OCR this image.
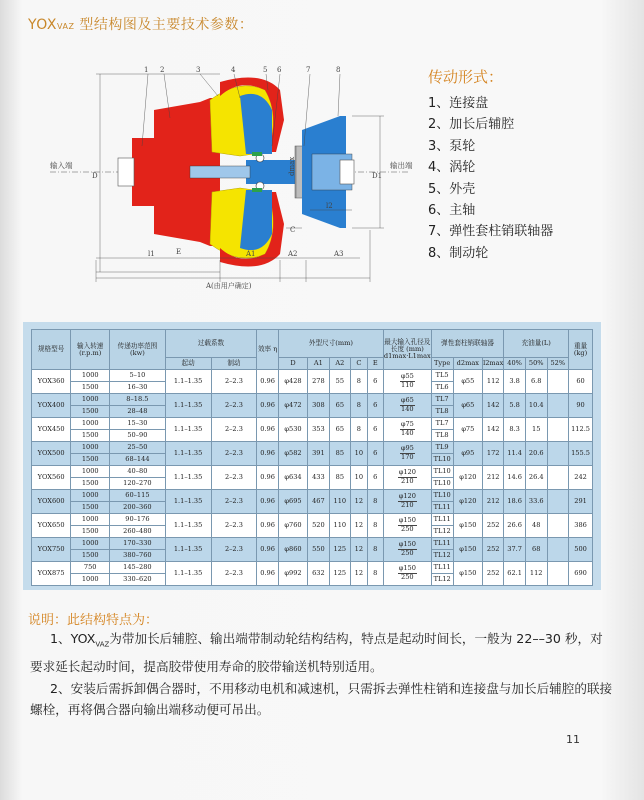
YOXVAZ 型结构图及主要技术参数：
1 2	3	4	5 6	7	8
输入端	输出端
D	D1
dmax
E
l1	A1	A2	A3
C
l2
A(由用户确定)
传动形式：
1、连接盘
2、加长后辅腔
3、泵轮
4、涡轮
5、外壳
6、主轴
7、弹性套柱销联轴器
8、制动轮
规格型号	输入转速 (r.p.m)	传递功率范围 (kw)	过载系数		效率 η	外型尺寸(mm)					最大输入孔径及长度 (mm) d1max·L1max	弹性套柱销联轴器			充油量(L)			重量 (kg)
			起动	制动		D	A1	A2	C	E		Type	d2max	l2max	40%	50%	52%	
YOX360	1000	5–10	1.1–1.35	2–2.3	0.96	φ428	278	55	8	6	$\frac{\varphi 55}{110}$	TL5	φ55	112	3.8	6.8		60
	1500	16–30										TL6						
YOX400	1000	8–18.5	1.1–1.35	2–2.3	0.96	φ472	308	65	8	6	$\frac{\varphi 65}{140}$	TL7	φ65	142	5.8	10.4		90
	1500	28–48										TL8						
YOX450	1000	15–30	1.1–1.35	2–2.3	0.96	φ530	353	65	8	6	$\frac{\varphi 75}{140}$	TL7	φ75	142	8.3	15		112.5
	1500	50–90										TL8						
YOX500	1000	25–50	1.1–1.35	2–2.3	0.96	φ582	391	85	10	6	$\frac{\varphi 95}{170}$	TL9	φ95	172	11.4	20.6		155.5
	1500	68–144										TL10						
YOX560	1000	40–80	1.1–1.35	2–2.3	0.96	φ634	433	85	10	6	$\frac{\varphi 120}{210}$	TL10	φ120	212	14.6	26.4		242
	1500	120–270										TL10						
YOX600	1000	60–115	1.1–1.35	2–2.3	0.96	φ695	467	110	12	8	$\frac{\varphi 120}{210}$	TL10	φ120	212	18.6	33.6		291
	1500	200–360										TL11						
YOX650	1000	90–176	1.1–1.35	2–2.3	0.96	φ760	520	110	12	8	$\frac{\varphi 150}{250}$	TL11	φ150	252	26.6	48		386
	1500	260–480										TL12						
YOX750	1000	170–330	1.1–1.35	2–2.3	0.96	φ860	550	125	12	8	$\frac{\varphi 150}{250}$	TL11	φ150	252	37.7	68		500
	1500	380–760										TL12						
YOX875	750	145–280	1.1–1.35	2–2.3	0.96	φ992	632	125	12	8	$\frac{\varphi 150}{250}$	TL11	φ150	252	62.1	112		690
	1000	330–620										TL12						
说明：此结构特点为：
1、$YOX_{VAZ}$为带加长后辅腔、输出端带制动轮结构结构，特点是起动时间长，一般为 22––30 秒，对要求延长起动时间，提高胶带使用寿命的胶带输送机特别适用。
2、安装后需拆卸偶合器时，不用移动电机和减速机，只需拆去弹性柱销和连接盘与加长后辅腔的联接螺栓，再将偶合器向输出端移动便可吊出。
11
